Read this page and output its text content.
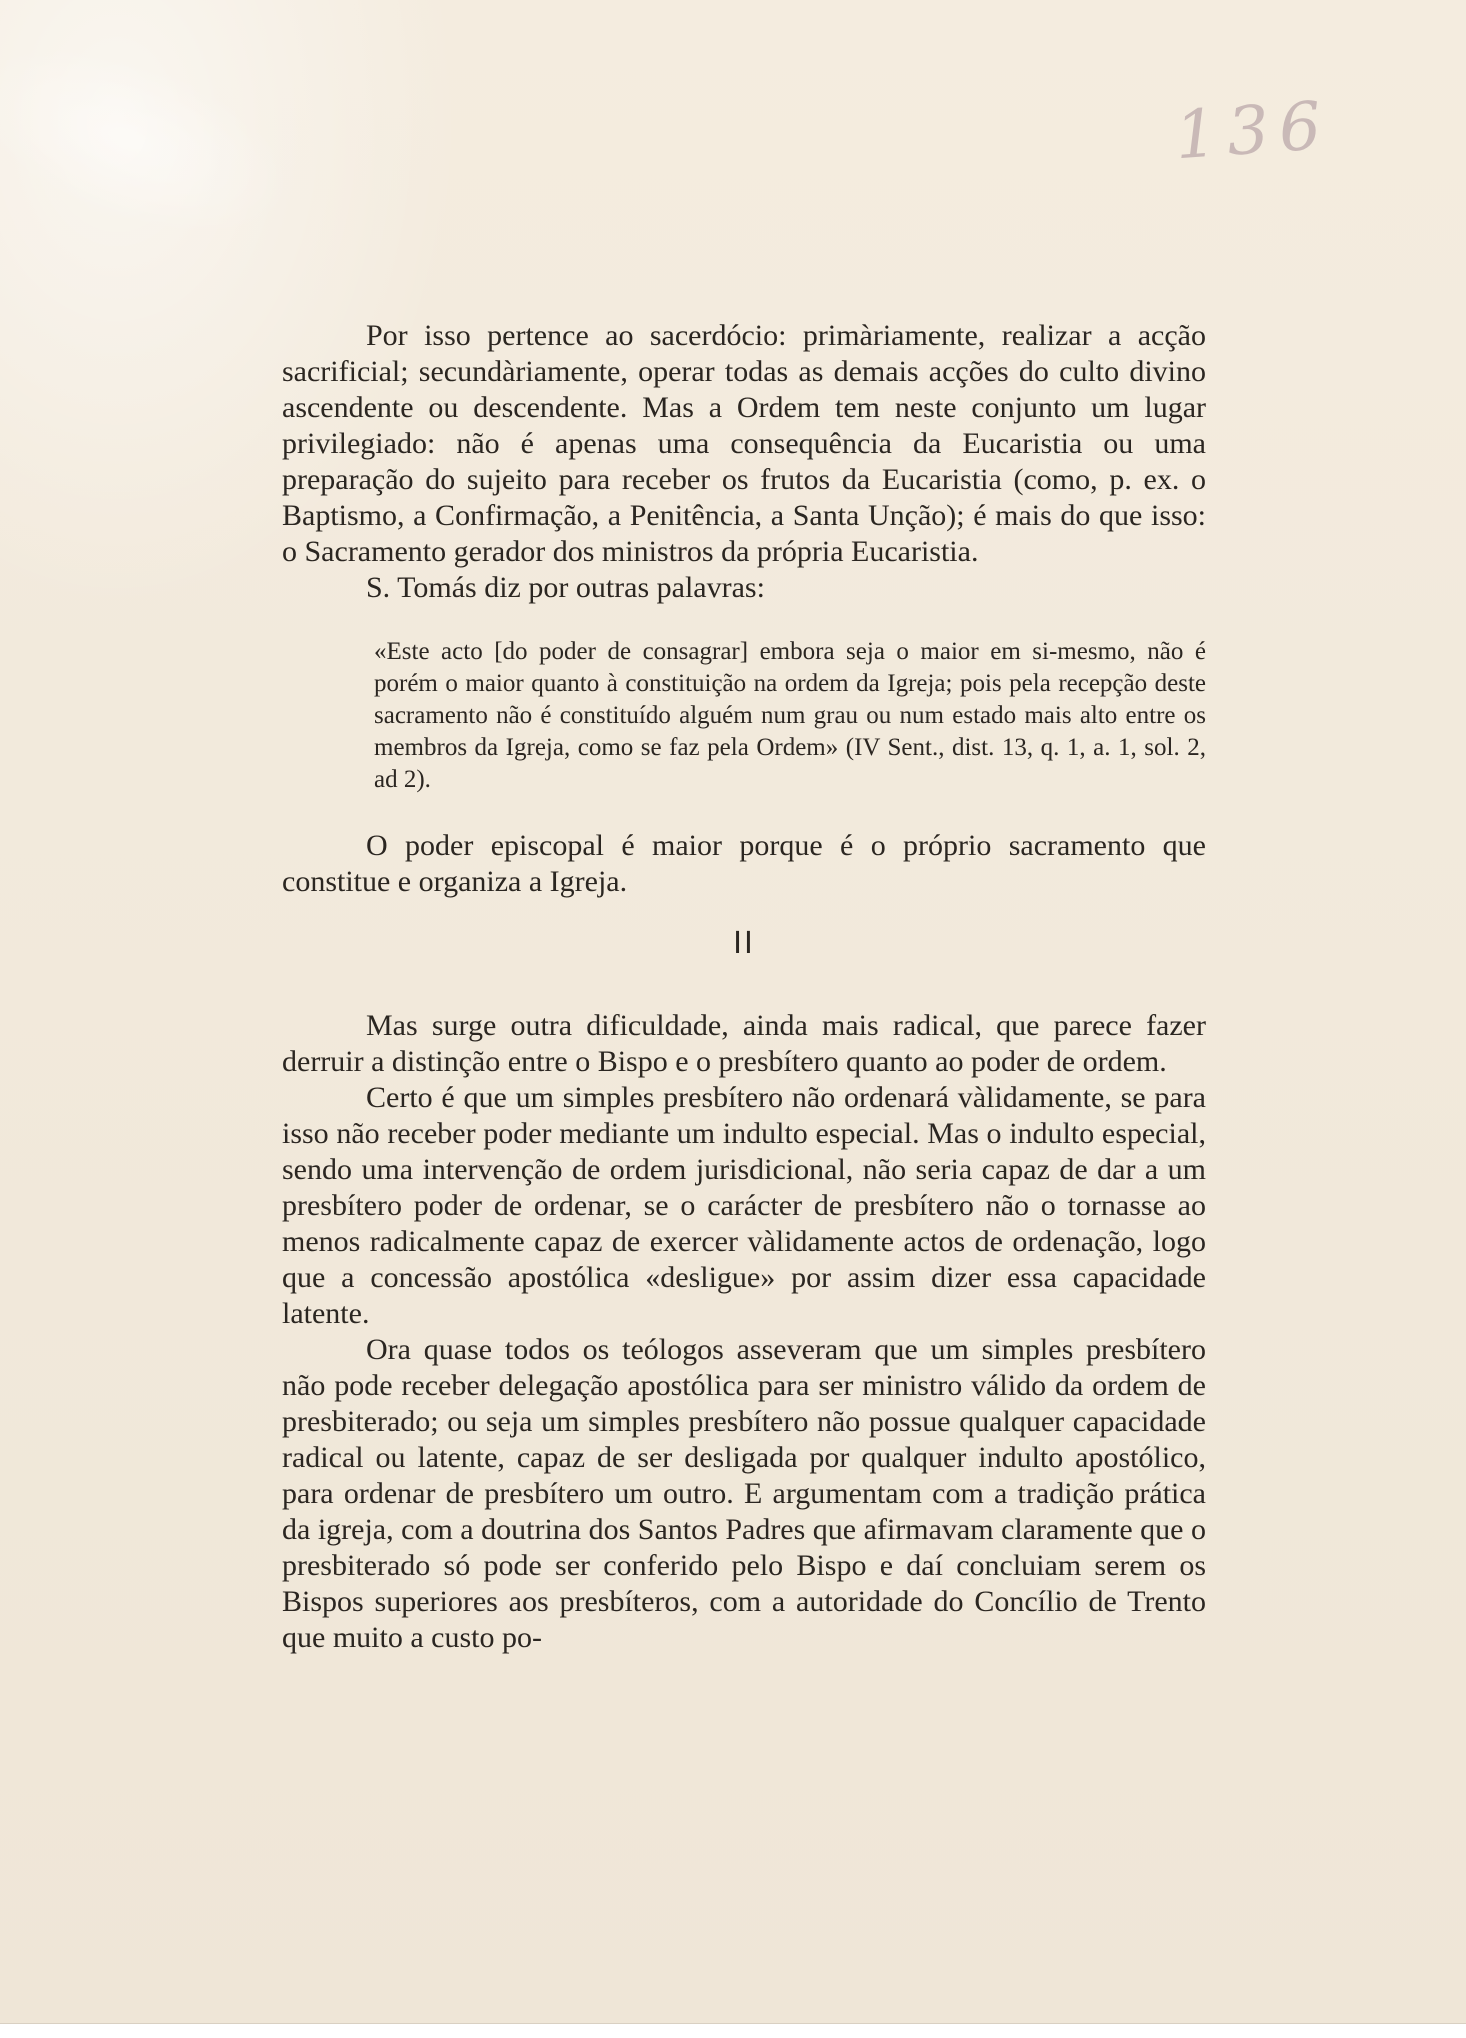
136

Por isso pertence ao sacerdócio: primàriamente, realizar a acção sacrificial; secundàriamente, operar todas as demais acções do culto divino ascendente ou descendente. Mas a Ordem tem neste conjunto um lugar privilegiado: não é apenas uma consequência da Eucaristia ou uma preparação do sujeito para receber os frutos da Eucaristia (como, p. ex. o Baptismo, a Confirmação, a Penitência, a Santa Unção); é mais do que isso: o Sacramento gerador dos ministros da própria Eucaristia.

S. Tomás diz por outras palavras:

«Este acto [do poder de consagrar] embora seja o maior em si-mesmo, não é porém o maior quanto à constituição na ordem da Igreja; pois pela recepção deste sacramento não é constituído alguém num grau ou num estado mais alto entre os membros da Igreja, como se faz pela Ordem» (IV Sent., dist. 13, q. 1, a. 1, sol. 2, ad 2).

O poder episcopal é maior porque é o próprio sacramento que constitue e organiza a Igreja.

II

Mas surge outra dificuldade, ainda mais radical, que parece fazer derruir a distinção entre o Bispo e o presbítero quanto ao poder de ordem.

Certo é que um simples presbítero não ordenará vàlidamente, se para isso não receber poder mediante um indulto especial. Mas o indulto especial, sendo uma intervenção de ordem jurisdicional, não seria capaz de dar a um presbítero poder de ordenar, se o carácter de presbítero não o tornasse ao menos radicalmente capaz de exercer vàlidamente actos de ordenação, logo que a concessão apostólica «desligue» por assim dizer essa capacidade latente.

Ora quase todos os teólogos asseveram que um simples presbítero não pode receber delegação apostólica para ser ministro válido da ordem de presbiterado; ou seja um simples presbítero não possue qualquer capacidade radical ou latente, capaz de ser desligada por qualquer indulto apostólico, para ordenar de presbítero um outro. E argumentam com a tradição prática da igreja, com a doutrina dos Santos Padres que afirmavam claramente que o presbiterado só pode ser conferido pelo Bispo e daí concluiam serem os Bispos superiores aos presbíteros, com a autoridade do Concílio de Trento que muito a custo po-
